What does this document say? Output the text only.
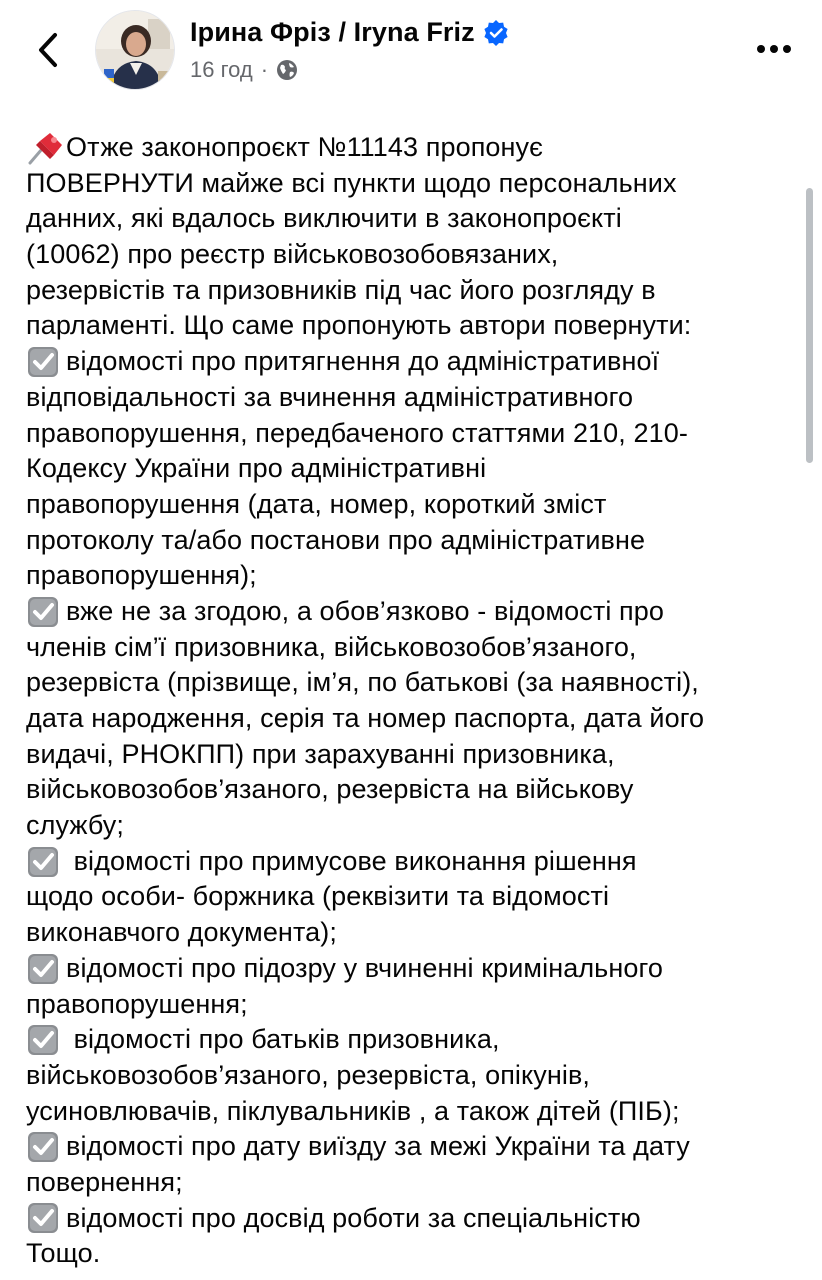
Ірина Фріз / Iryna Friz
16 год ·
Отже законопроєкт №11143 пропонує
ПОВЕРНУТИ майже всі пункти щодо персональних
данних, які вдалось виключити в законопроєкті
(10062) про реєстр військовозобовязаних,
резервістів та призовників під час його розгляду в
парламенті. Що саме пропонують автори повернути:
відомості про притягнення до адміністративної
відповідальності за вчинення адміністративного
правопорушення, передбаченого статтями 210, 210-
Кодексу України про адміністративні
правопорушення (дата, номер, короткий зміст
протоколу та/або постанови про адміністративне
правопорушення);
вже не за згодою, а обов’язково - відомості про
членів сім’ї призовника, військовозобов’язаного,
резервіста (прізвище, ім’я, по батькові (за наявності),
дата народження, серія та номер паспорта, дата його
видачі, РНОКПП) при зарахуванні призовника,
військовозобов’язаного, резервіста на військову
службу;
відомості про примусове виконання рішення
щодо особи- боржника (реквізити та відомості
виконавчого документа);
відомості про підозру у вчиненні кримінального
правопорушення;
відомості про батьків призовника,
військовозобов’язаного, резервіста, опікунів,
усиновлювачів, піклувальників , а також дітей (ПІБ);
відомості про дату виїзду за межі України та дату
повернення;
відомості про досвід роботи за спеціальністю
Тощо.
